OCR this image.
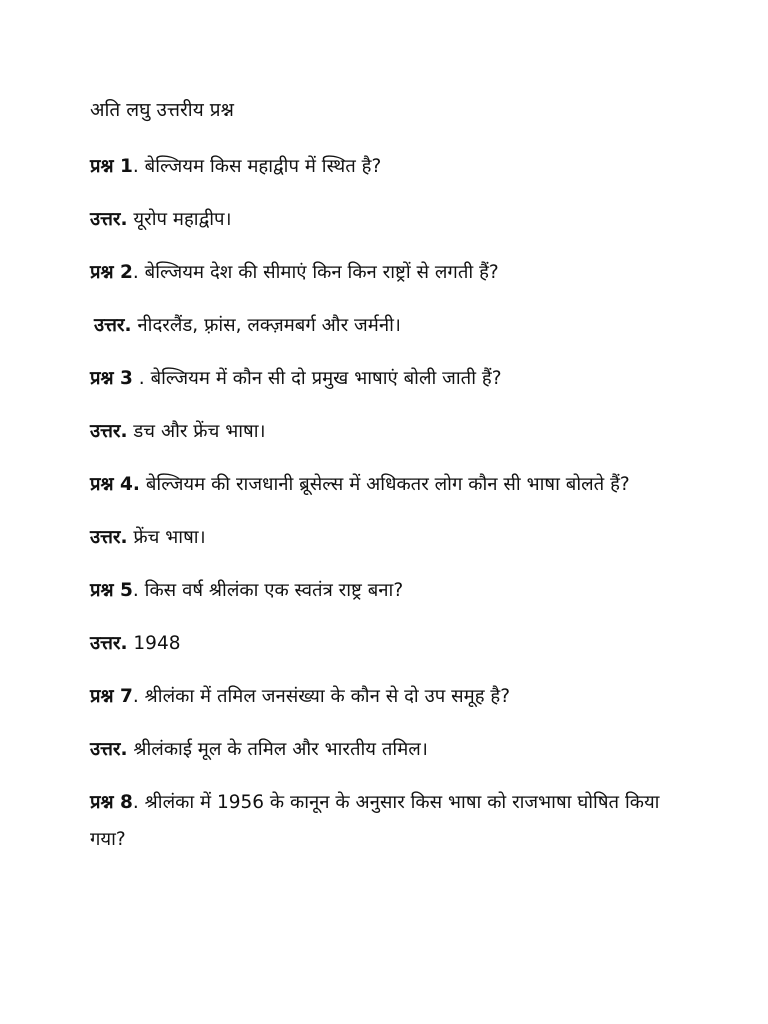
अति लघु उत्तरीय प्रश्न
प्रश्न 1. बेल्जियम किस महाद्वीप में स्थित है?
उत्तर. यूरोप महाद्वीप।
प्रश्न 2. बेल्जियम देश की सीमाएं किन किन राष्ट्रों से लगती हैं?
उत्तर. नीदरलैंड, फ़्रांस, लक्ज़मबर्ग और जर्मनी।
प्रश्न 3 . बेल्जियम में कौन सी दो प्रमुख भाषाएं बोली जाती हैं?
उत्तर. डच और फ्रेंच भाषा।
प्रश्न 4. बेल्जियम की राजधानी ब्रूसेल्स में अधिकतर लोग कौन सी भाषा बोलते हैं?
उत्तर. फ्रेंच भाषा।
प्रश्न 5. किस वर्ष श्रीलंका एक स्वतंत्र राष्ट्र बना?
उत्तर. 1948
प्रश्न 7. श्रीलंका में तमिल जनसंख्या के कौन से दो उप समूह है?
उत्तर. श्रीलंकाई मूल के तमिल और भारतीय तमिल।
प्रश्न 8. श्रीलंका में 1956 के कानून के अनुसार किस भाषा को राजभाषा घोषित किया गया?
